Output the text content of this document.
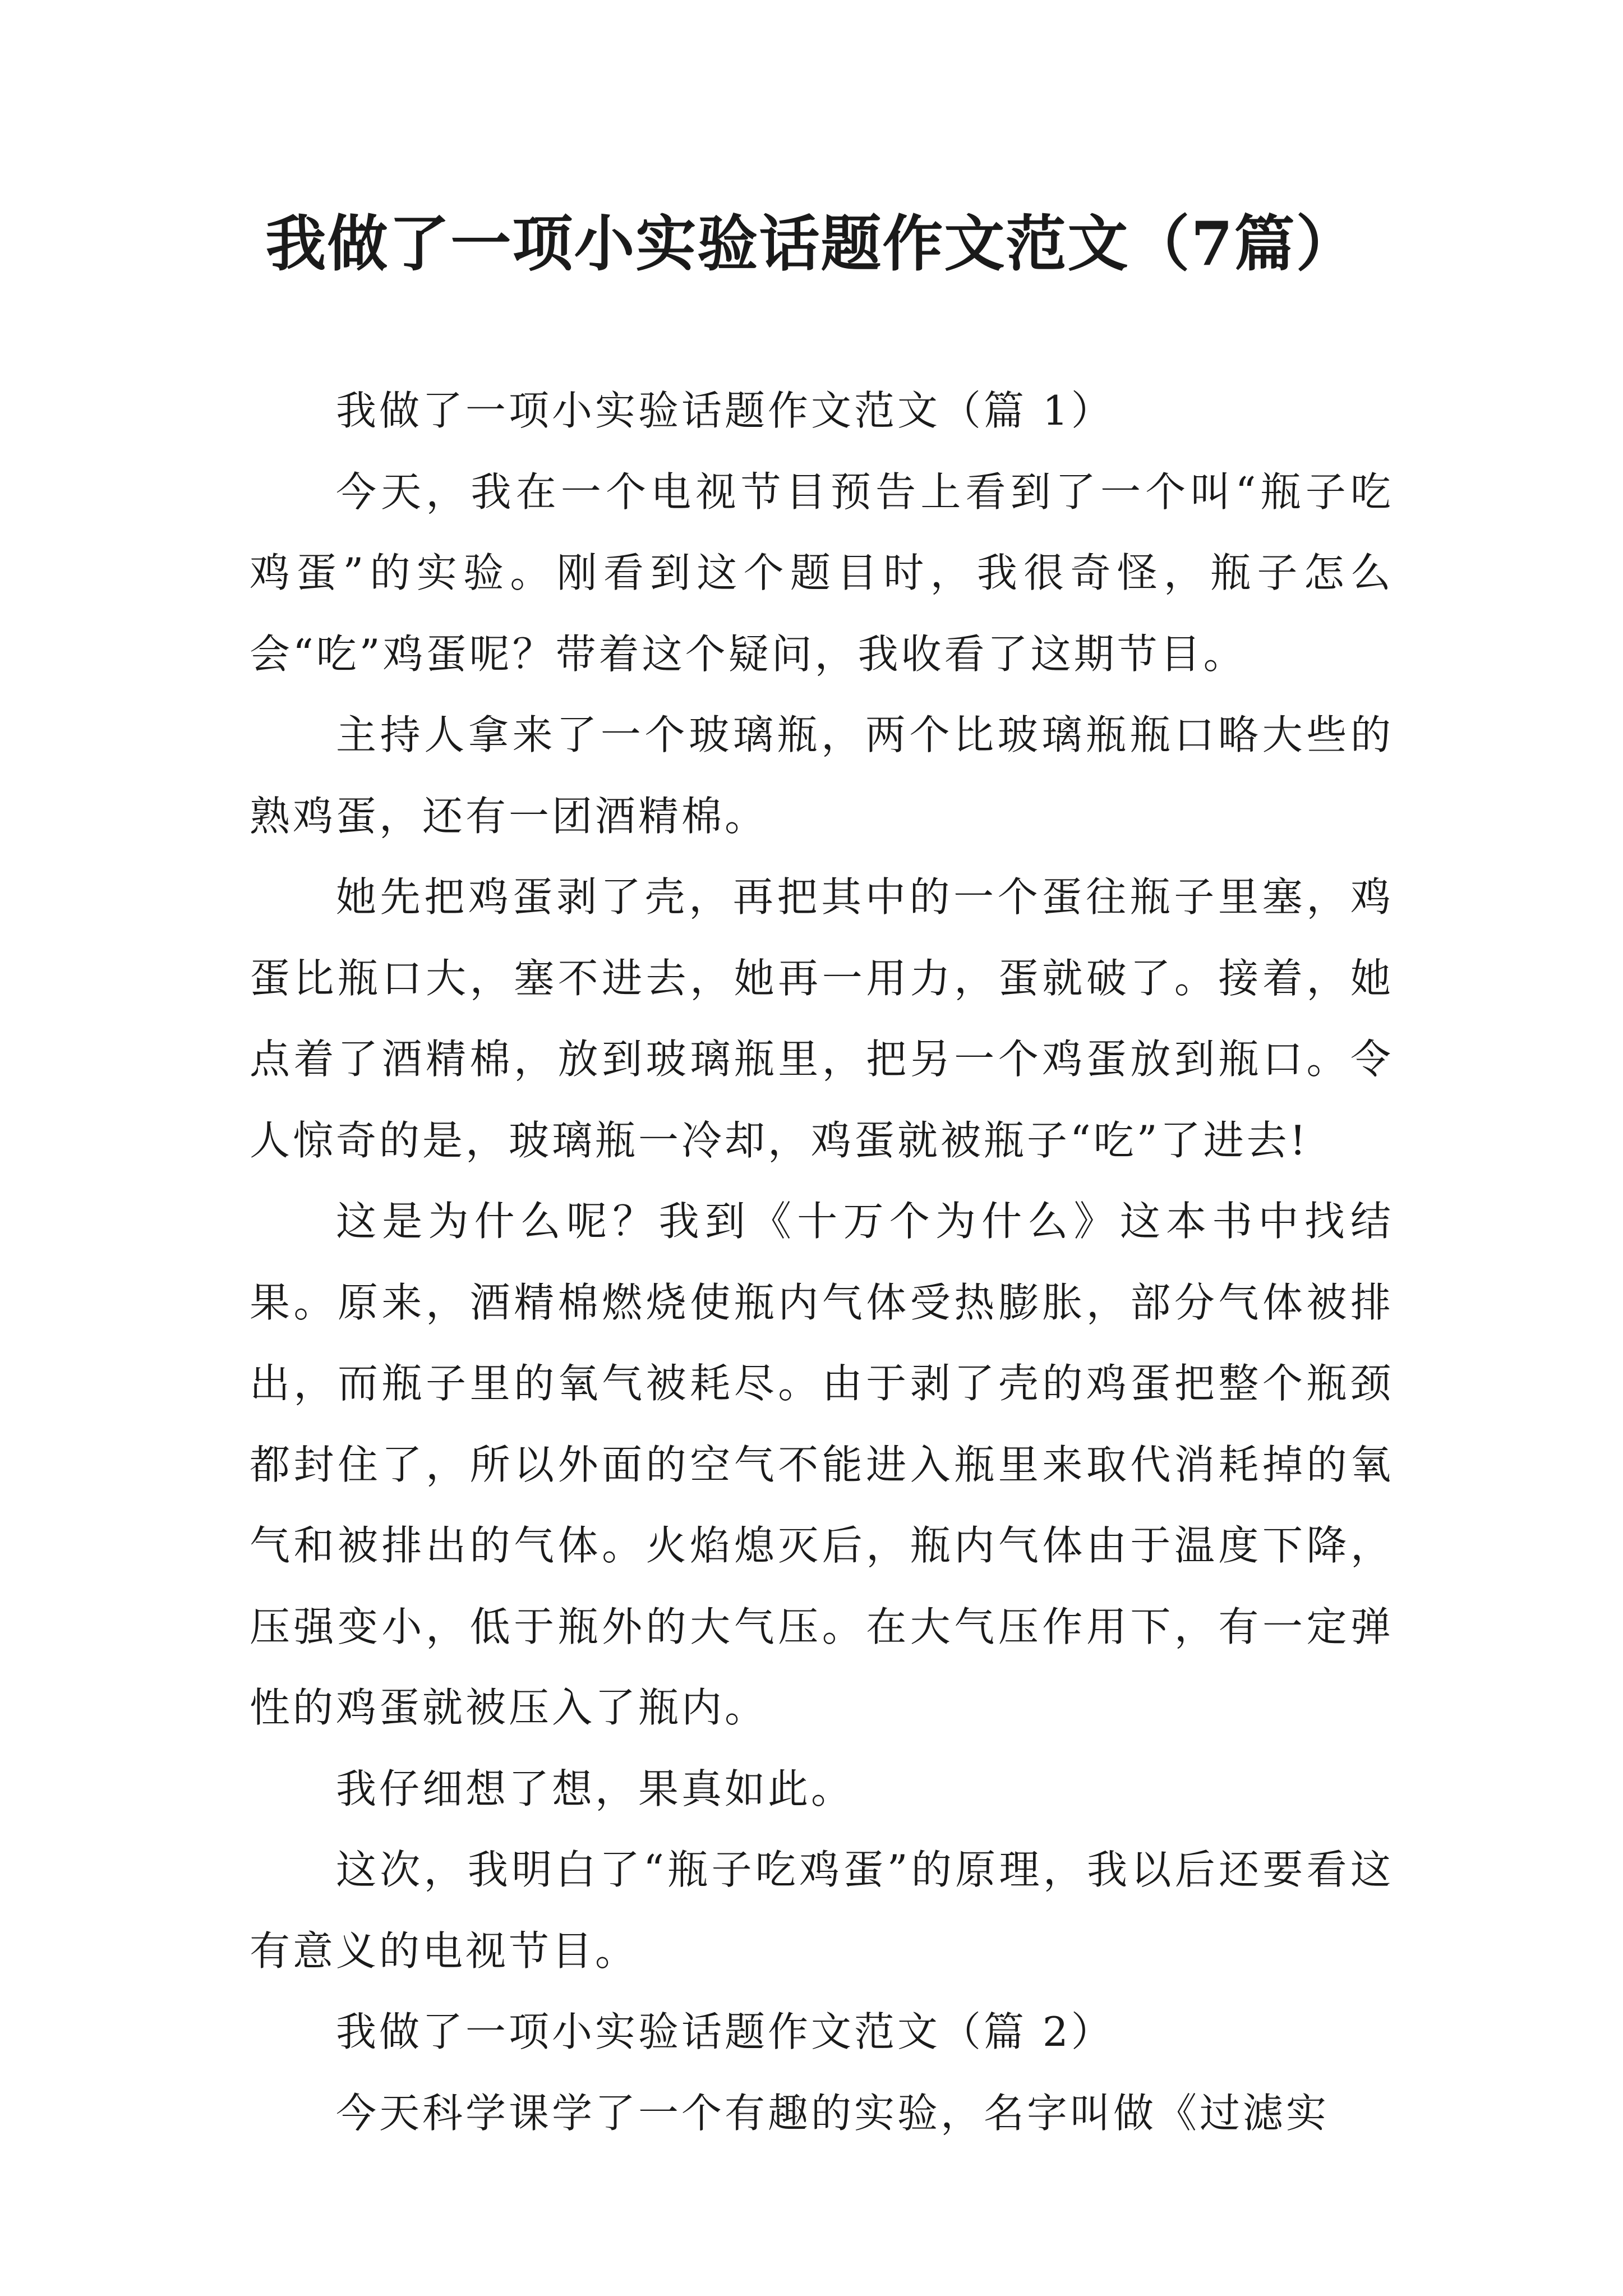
我做了一项小实验话题作文范文（7篇）

我做了一项小实验话题作文范文（篇 1）

今天，我在一个电视节目预告上看到了一个叫“瓶子吃鸡蛋”的实验。刚看到这个题目时，我很奇怪，瓶子怎么会“吃”鸡蛋呢？带着这个疑问，我收看了这期节目。

主持人拿来了一个玻璃瓶，两个比玻璃瓶瓶口略大些的熟鸡蛋，还有一团酒精棉。

她先把鸡蛋剥了壳，再把其中的一个蛋往瓶子里塞，鸡蛋比瓶口大，塞不进去，她再一用力，蛋就破了。接着，她点着了酒精棉，放到玻璃瓶里，把另一个鸡蛋放到瓶口。令人惊奇的是，玻璃瓶一冷却，鸡蛋就被瓶子“吃”了进去!

这是为什么呢？我到《十万个为什么》这本书中找结果。原来，酒精棉燃烧使瓶内气体受热膨胀，部分气体被排出，而瓶子里的氧气被耗尽。由于剥了壳的鸡蛋把整个瓶颈都封住了，所以外面的空气不能进入瓶里来取代消耗掉的氧气和被排出的气体。火焰熄灭后，瓶内气体由于温度下降，压强变小，低于瓶外的大气压。在大气压作用下，有一定弹性的鸡蛋就被压入了瓶内。

我仔细想了想，果真如此。

这次，我明白了“瓶子吃鸡蛋”的原理，我以后还要看这有意义的电视节目。

我做了一项小实验话题作文范文（篇 2）

今天科学课学了一个有趣的实验，名字叫做《过滤实
